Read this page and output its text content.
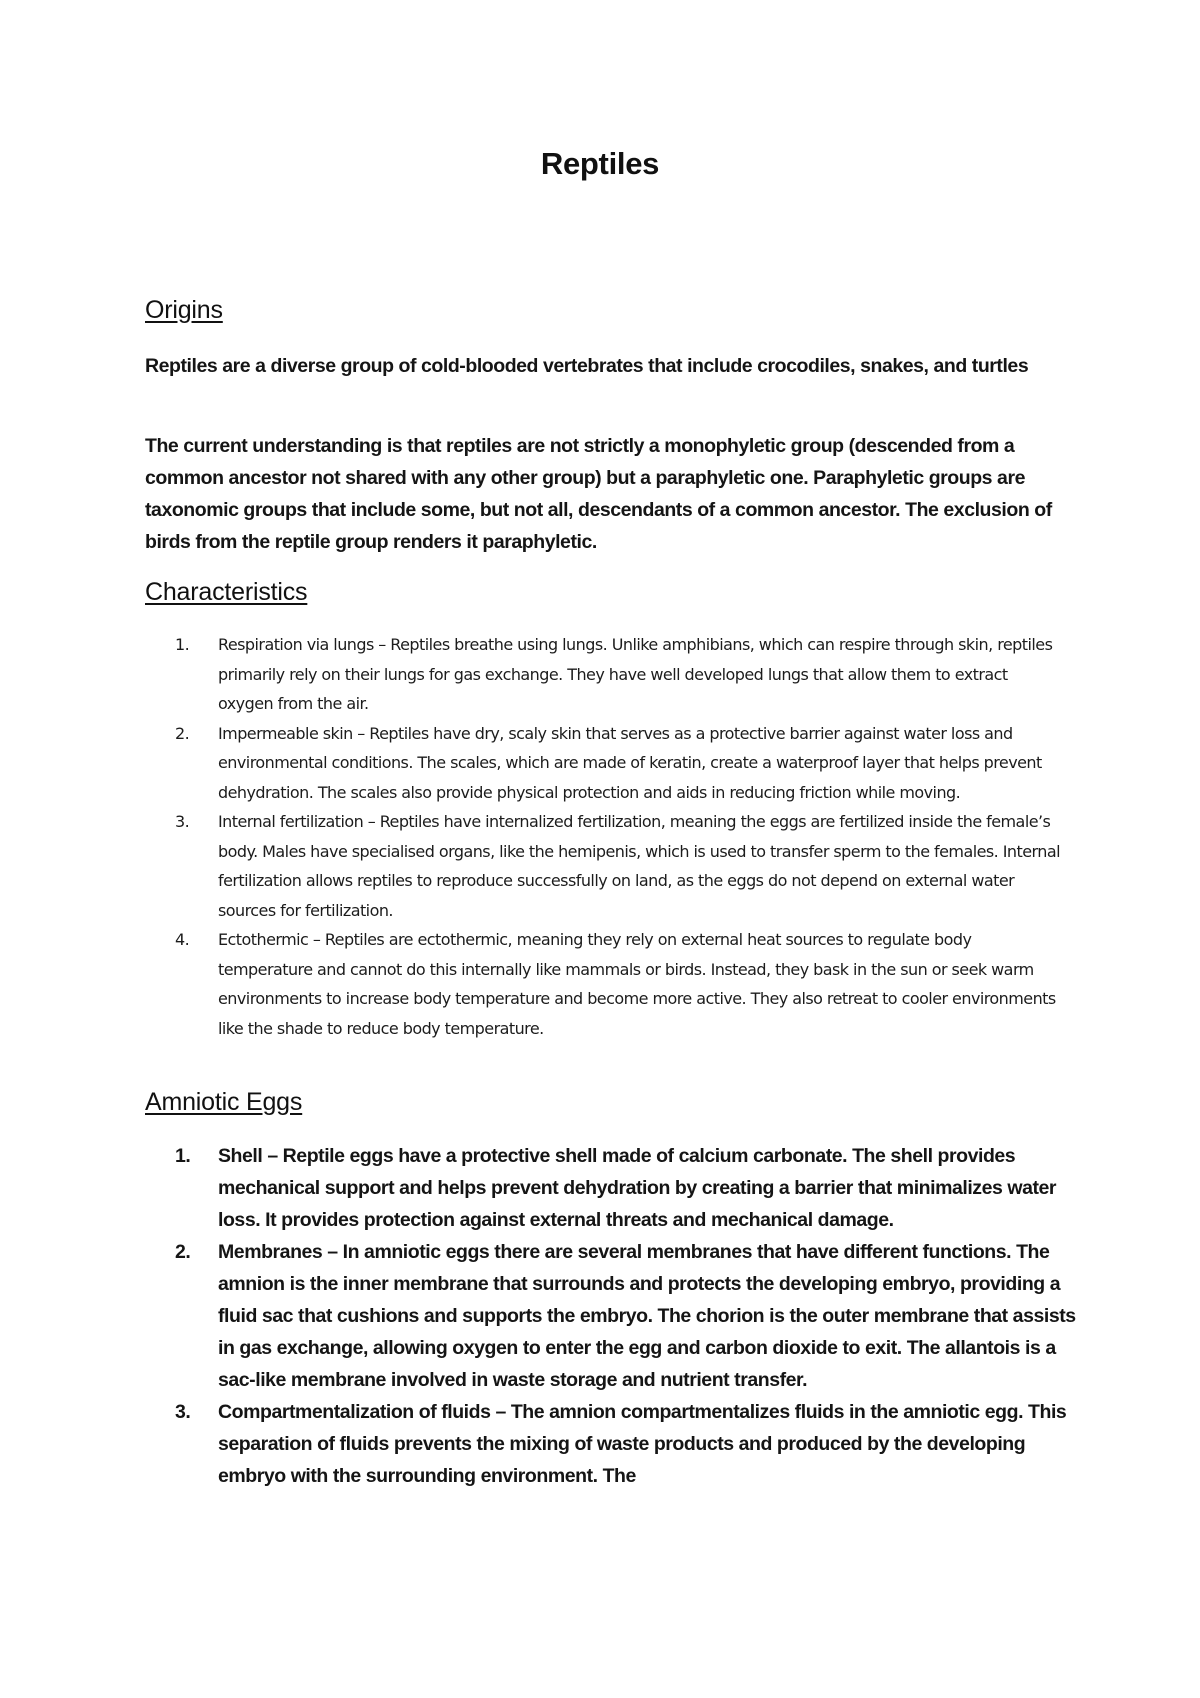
Reptiles
Origins

Reptiles are a diverse group of cold-blooded vertebrates that include crocodiles, snakes, and turtles

The current understanding is that reptiles are not strictly a monophyletic group (descended from a common ancestor not shared with any other group) but a paraphyletic one. Paraphyletic groups are taxonomic groups that include some, but not all, descendants of a common ancestor. The exclusion of birds from the reptile group renders it paraphyletic.

Characteristics
1. Respiration via lungs – Reptiles breathe using lungs. Unlike amphibians, which can respire through skin, reptiles primarily rely on their lungs for gas exchange. They have well developed lungs that allow them to extract oxygen from the air.
2. Impermeable skin – Reptiles have dry, scaly skin that serves as a protective barrier against water loss and environmental conditions. The scales, which are made of keratin, create a waterproof layer that helps prevent dehydration. The scales also provide physical protection and aids in reducing friction while moving.
3. Internal fertilization – Reptiles have internalized fertilization, meaning the eggs are fertilized inside the female’s body. Males have specialised organs, like the hemipenis, which is used to transfer sperm to the females. Internal fertilization allows reptiles to reproduce successfully on land, as the eggs do not depend on external water sources for fertilization.
4. Ectothermic – Reptiles are ectothermic, meaning they rely on external heat sources to regulate body temperature and cannot do this internally like mammals or birds. Instead, they bask in the sun or seek warm environments to increase body temperature and become more active. They also retreat to cooler environments like the shade to reduce body temperature.
Amniotic Eggs
1. Shell – Reptile eggs have a protective shell made of calcium carbonate. The shell provides mechanical support and helps prevent dehydration by creating a barrier that minimalizes water loss. It provides protection against external threats and mechanical damage.
2. Membranes – In amniotic eggs there are several membranes that have different functions. The amnion is the inner membrane that surrounds and protects the developing embryo, providing a fluid sac that cushions and supports the embryo. The chorion is the outer membrane that assists in gas exchange, allowing oxygen to enter the egg and carbon dioxide to exit. The allantois is a sac-like membrane involved in waste storage and nutrient transfer.
3. Compartmentalization of fluids – The amnion compartmentalizes fluids in the amniotic egg. This separation of fluids prevents the mixing of waste products and produced by the developing embryo with the surrounding environment. The
